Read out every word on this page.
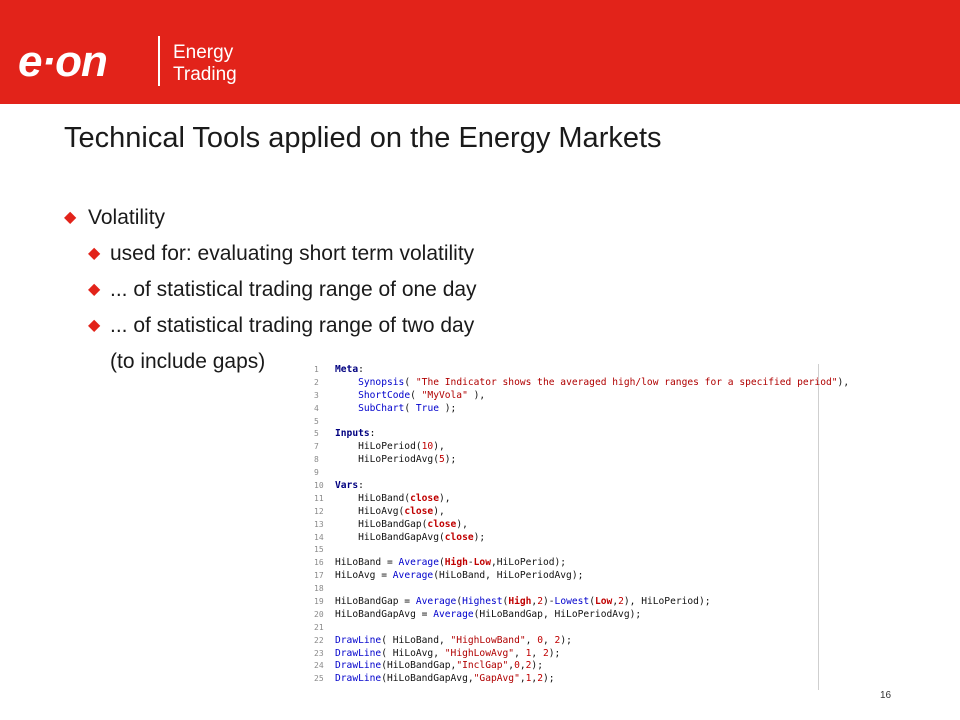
e·on	Energy
Trading
Technical Tools applied on the Energy Markets
◆ Volatility
◆ used for: evaluating short term volatility
◆ ... of statistical trading range of one day
◆ ... of statistical trading range of two day
(to include gaps)	1	Meta:
2	Synopsis( "The Indicator shows the averaged high/low ranges for a specified period"),
3	ShortCode( "MyVola" ),
4	SubChart( True );
5
5	Inputs:
7	HiLoPeriod(10),
8	HiLoPeriodAvg(5);
9
10	Vars:
11	HiLoBand(close),
12	HiLoAvg(close),
13	HiLoBandGap(close),
14	HiLoBandGapAvg(close);
15
16	HiLoBand = Average(High-Low,HiLoPeriod);
17	HiLoAvg = Average(HiLoBand, HiLoPeriodAvg);
18
19	HiLoBandGap = Average(Highest(High,2)-Lowest(Low,2), HiLoPeriod);
20	HiLoBandGapAvg = Average(HiLoBandGap, HiLoPeriodAvg);
21
22	DrawLine( HiLoBand, "HighLowBand", 0, 2);
23	DrawLine( HiLoAvg, "HighLowAvg", 1, 2);
24	DrawLine(HiLoBandGap,"InclGap",0,2);
25	DrawLine(HiLoBandGapAvg,"GapAvg",1,2);
16
